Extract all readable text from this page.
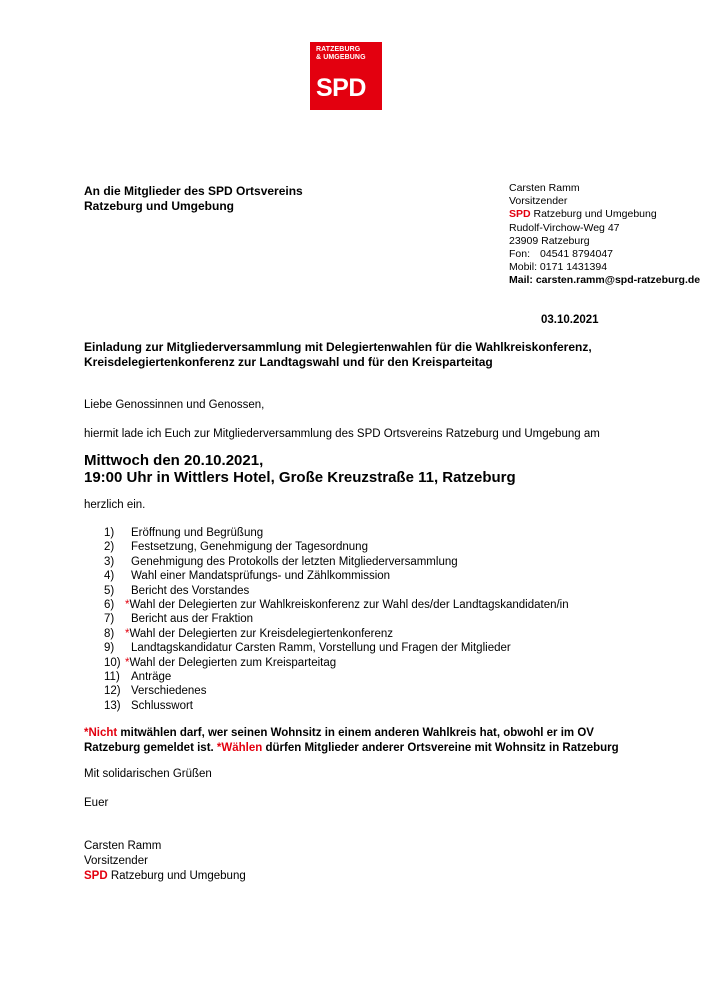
RATZEBURG
& UMGEBUNG
SPD
An die Mitglieder des SPD Ortsvereins
Ratzeburg und Umgebung
Carsten Ramm
Vorsitzender
SPD Ratzeburg und Umgebung
Rudolf-Virchow-Weg 47
23909 Ratzeburg
Fon: 04541 8794047
Mobil: 0171 1431394
Mail: carsten.ramm@spd-ratzeburg.de
03.10.2021
Einladung zur Mitgliederversammlung mit Delegiertenwahlen für die Wahlkreiskonferenz,
Kreisdelegiertenkonferenz zur Landtagswahl und für den Kreisparteitag
Liebe Genossinnen und Genossen,
hiermit lade ich Euch zur Mitgliederversammlung des SPD Ortsvereins Ratzeburg und Umgebung am
Mittwoch den 20.10.2021,
19:00 Uhr in Wittlers Hotel, Große Kreuzstraße 11, Ratzeburg
herzlich ein.
1) Eröffnung und Begrüßung
2) Festsetzung, Genehmigung der Tagesordnung
3) Genehmigung des Protokolls der letzten Mitgliederversammlung
4) Wahl einer Mandatsprüfungs- und Zählkommission
5) Bericht des Vorstandes
6) *Wahl der Delegierten zur Wahlkreiskonferenz zur Wahl des/der Landtagskandidaten/in
7) Bericht aus der Fraktion
8) *Wahl der Delegierten zur Kreisdelegiertenkonferenz
9) Landtagskandidatur Carsten Ramm, Vorstellung und Fragen der Mitglieder
10) *Wahl der Delegierten zum Kreisparteitag
11) Anträge
12) Verschiedenes
13) Schlusswort
*Nicht mitwählen darf, wer seinen Wohnsitz in einem anderen Wahlkreis hat, obwohl er im OV
Ratzeburg gemeldet ist. *Wählen dürfen Mitglieder anderer Ortsvereine mit Wohnsitz in Ratzeburg
Mit solidarischen Grüßen
Euer
Carsten Ramm
Vorsitzender
SPD Ratzeburg und Umgebung
